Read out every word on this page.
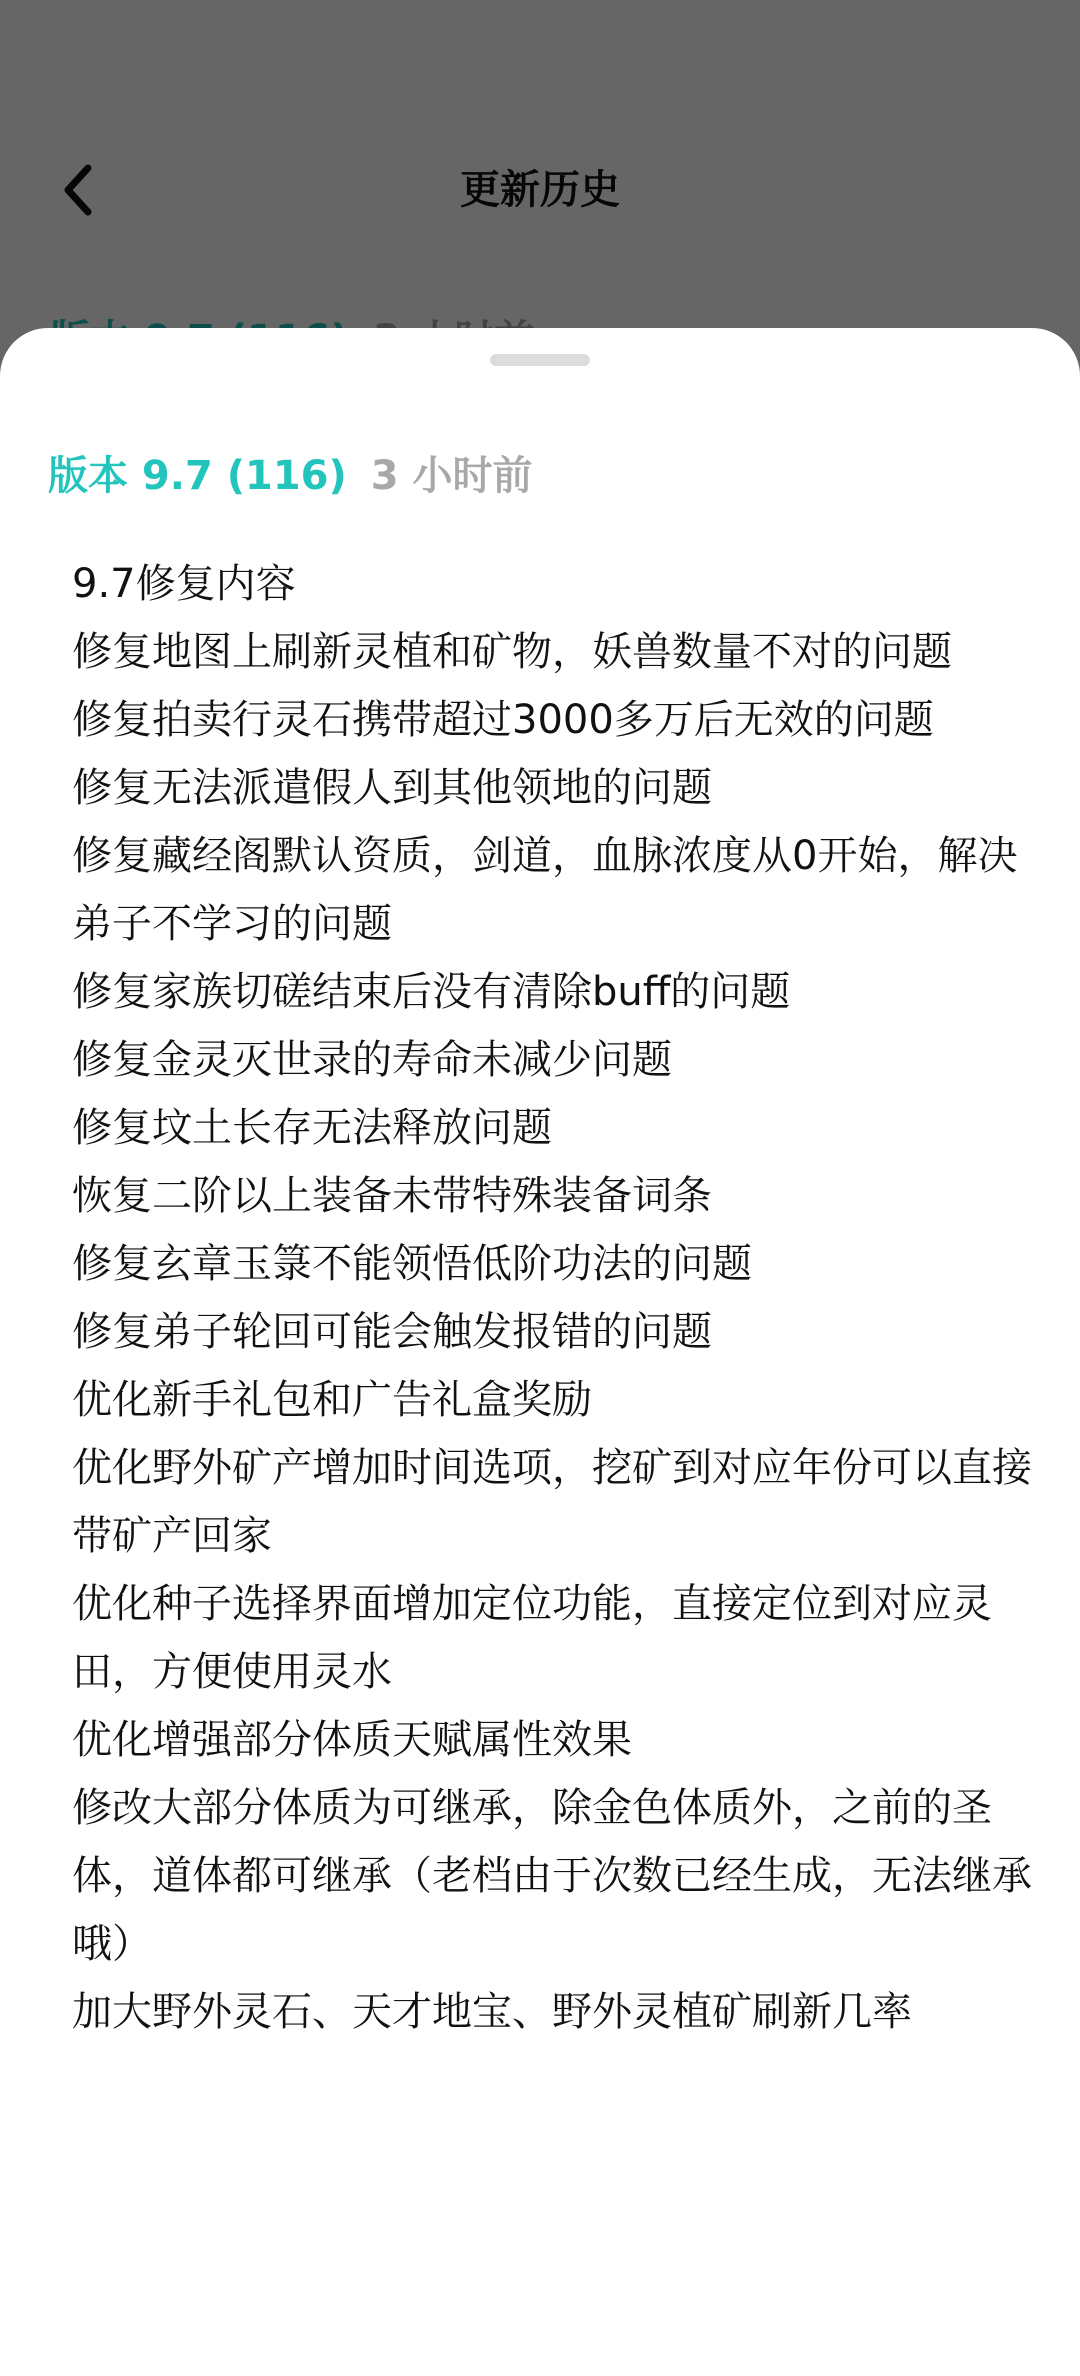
版本 9.7 (116) 3 小时前
9.7修复内容
修复地图上刷新灵植和矿物，妖兽数量不对的问题
修复拍卖行灵石携带超过3000多万后无效的问题
修复无法派遣假人到其他领地的问题
修复藏经阁默认资质，剑道，血脉浓度从0开始，解决弟子不学习的问题
修复家族切磋结束后没有清除buff的问题
修复金灵灭世录的寿命未减少问题
修复坟土长存无法释放问题
恢复二阶以上装备未带特殊装备词条
修复玄章玉箓不能领悟低阶功法的问题
修复弟子轮回可能会触发报错的问题
优化新手礼包和广告礼盒奖励
优化野外矿产增加时间选项，挖矿到对应年份可以直接带矿产回家
优化种子选择界面增加定位功能，直接定位到对应灵田，方便使用灵水
优化增强部分体质天赋属性效果
修改大部分体质为可继承，除金色体质外，之前的圣体，道体都可继承（老档由于次数已经生成，无法继承哦）
加大野外灵石、天才地宝、野外灵植矿刷新几率
